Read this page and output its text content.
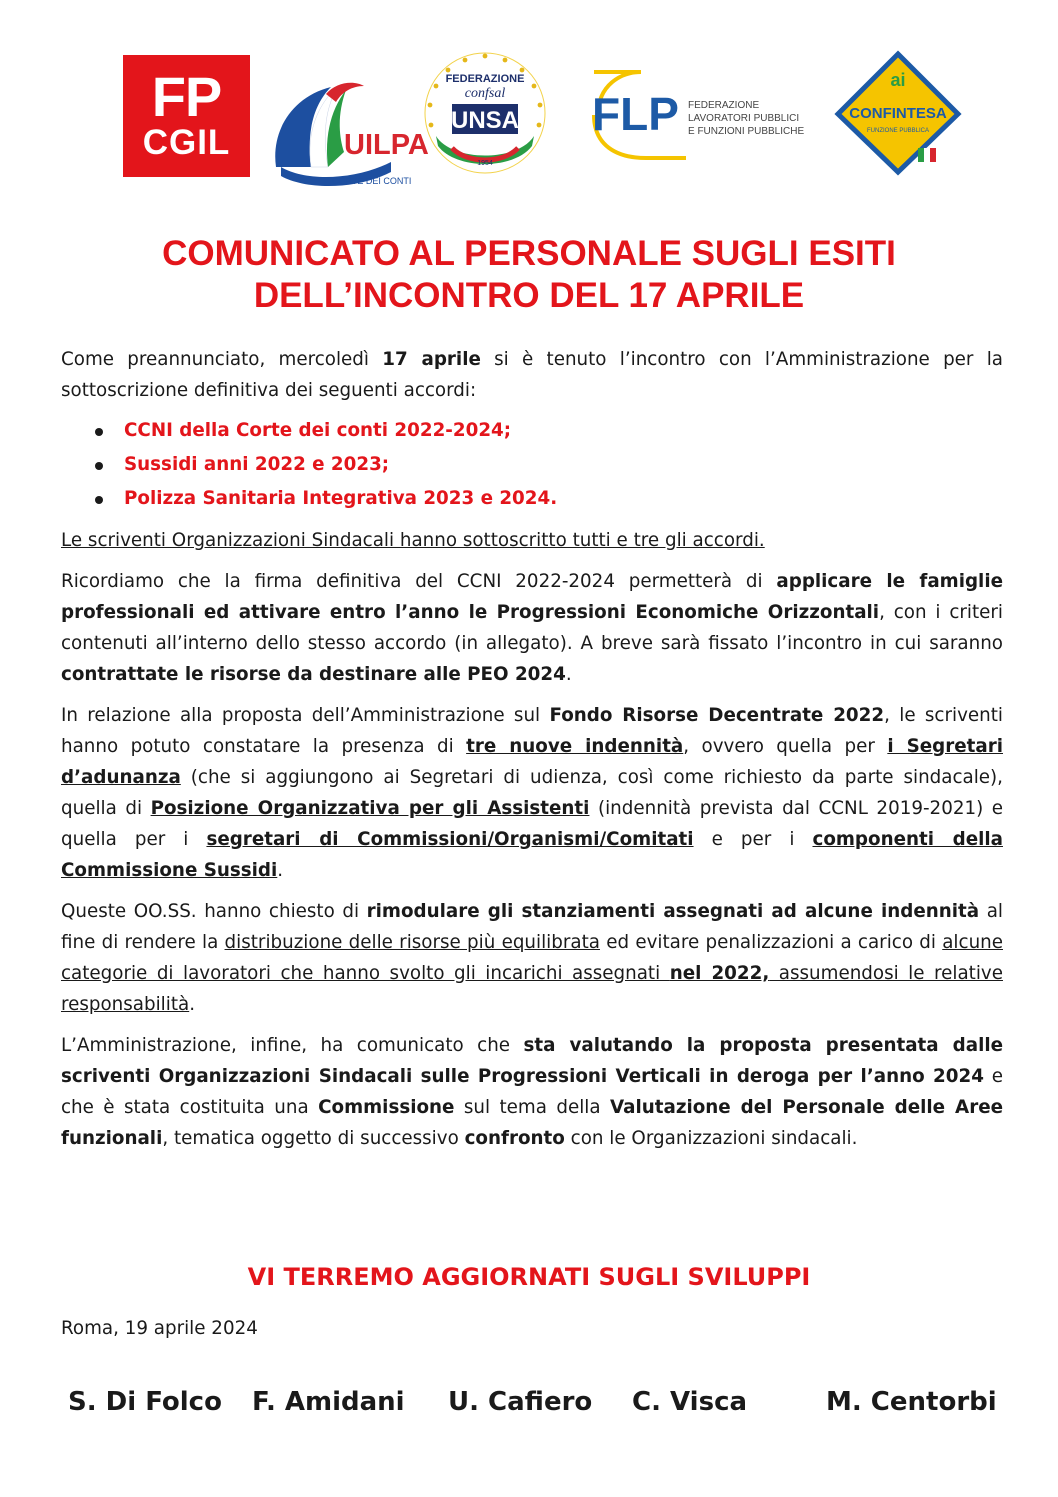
FP
CGIL	UILPA
CORTE DEI CONTI
FEDERAZIONE
confsal
UNSA
1954
FLP FEDERAZIONE
LAVORATORI PUBBLICI
E FUNZIONI PUBBLICHE
ai
CONFINTESA
FUNZIONE PUBBLICA
COMUNICATO AL PERSONALE SUGLI ESITI
DELL’INCONTRO DEL 17 APRILE

Come preannunciato, mercoledì 17 aprile si è tenuto l’incontro con l’Amministrazione per la sottoscrizione definitiva dei seguenti accordi:

CCNI della Corte dei conti 2022-2024;
Sussidi anni 2022 e 2023;
Polizza Sanitaria Integrativa 2023 e 2024.

Le scriventi Organizzazioni Sindacali hanno sottoscritto tutti e tre gli accordi.

Ricordiamo che la firma definitiva del CCNI 2022-2024 permetterà di applicare le famiglie professionali ed attivare entro l’anno le Progressioni Economiche Orizzontali, con i criteri contenuti all’interno dello stesso accordo (in allegato). A breve sarà fissato l’incontro in cui saranno contrattate le risorse da destinare alle PEO 2024.

In relazione alla proposta dell’Amministrazione sul Fondo Risorse Decentrate 2022, le scriventi hanno potuto constatare la presenza di tre nuove indennità, ovvero quella per i Segretari d’adunanza (che si aggiungono ai Segretari di udienza, così come richiesto da parte sindacale), quella di Posizione Organizzativa per gli Assistenti (indennità prevista dal CCNL 2019-2021) e quella per i segretari di Commissioni/Organismi/Comitati e per i componenti della Commissione Sussidi.

Queste OO.SS. hanno chiesto di rimodulare gli stanziamenti assegnati ad alcune indennità al fine di rendere la distribuzione delle risorse più equilibrata ed evitare penalizzazioni a carico di alcune categorie di lavoratori che hanno svolto gli incarichi assegnati nel 2022, assumendosi le relative responsabilità.

L’Amministrazione, infine, ha comunicato che sta valutando la proposta presentata dalle scriventi Organizzazioni Sindacali sulle Progressioni Verticali in deroga per l’anno 2024 e che è stata costituita una Commissione sul tema della Valutazione del Personale delle Aree funzionali, tematica oggetto di successivo confronto con le Organizzazioni sindacali.

VI TERREMO AGGIORNATI SUGLI SVILUPPI
Roma, 19 aprile 2024
S. Di Folco F. Amidani U. Cafiero C. Visca	M. Centorbi
